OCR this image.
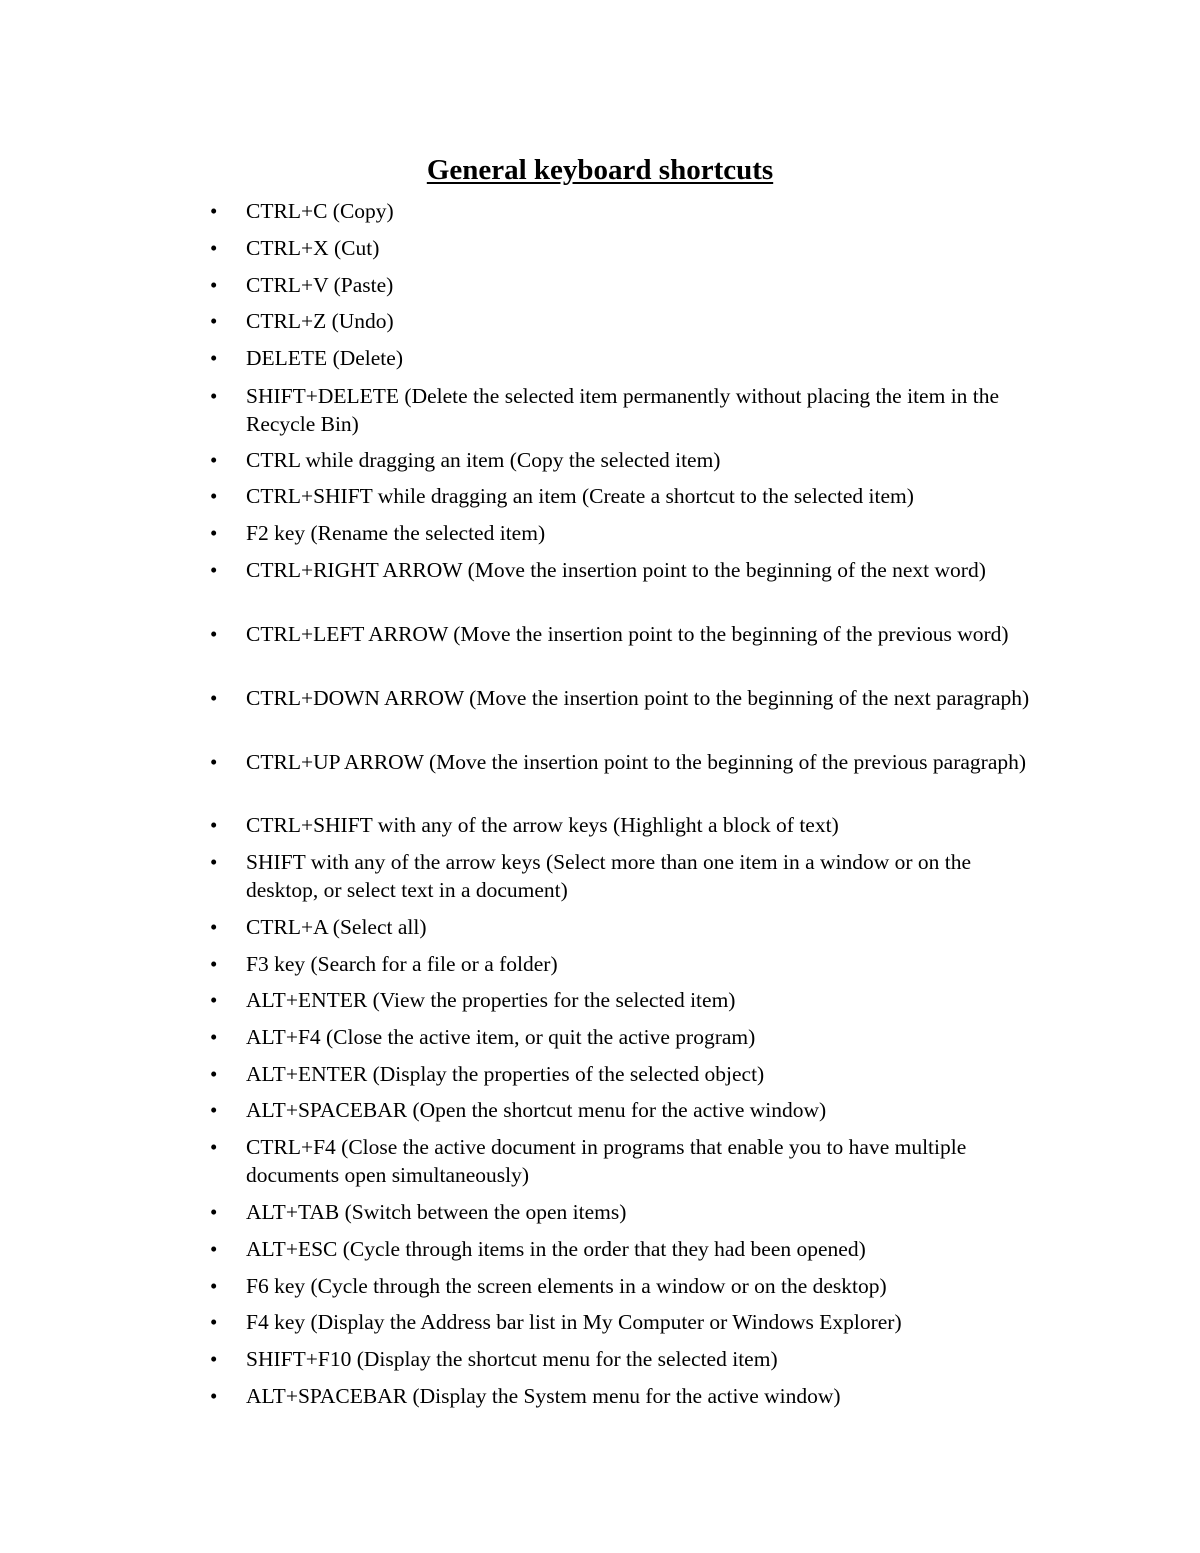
General keyboard shortcuts
• CTRL+C (Copy)
• CTRL+X (Cut)
• CTRL+V (Paste)
• CTRL+Z (Undo)
• DELETE (Delete)
• SHIFT+DELETE (Delete the selected item permanently without placing the item in the Recycle Bin)
• CTRL while dragging an item (Copy the selected item)
• CTRL+SHIFT while dragging an item (Create a shortcut to the selected item)
• F2 key (Rename the selected item)
• CTRL+RIGHT ARROW (Move the insertion point to the beginning of the next word)
• CTRL+LEFT ARROW (Move the insertion point to the beginning of the previous word)
• CTRL+DOWN ARROW (Move the insertion point to the beginning of the next paragraph)
• CTRL+UP ARROW (Move the insertion point to the beginning of the previous paragraph)
• CTRL+SHIFT with any of the arrow keys (Highlight a block of text)
• SHIFT with any of the arrow keys (Select more than one item in a window or on the desktop, or select text in a document)
• CTRL+A (Select all)
• F3 key (Search for a file or a folder)
• ALT+ENTER (View the properties for the selected item)
• ALT+F4 (Close the active item, or quit the active program)
• ALT+ENTER (Display the properties of the selected object)
• ALT+SPACEBAR (Open the shortcut menu for the active window)
• CTRL+F4 (Close the active document in programs that enable you to have multiple documents open simultaneously)
• ALT+TAB (Switch between the open items)
• ALT+ESC (Cycle through items in the order that they had been opened)
• F6 key (Cycle through the screen elements in a window or on the desktop)
• F4 key (Display the Address bar list in My Computer or Windows Explorer)
• SHIFT+F10 (Display the shortcut menu for the selected item)
• ALT+SPACEBAR (Display the System menu for the active window)
